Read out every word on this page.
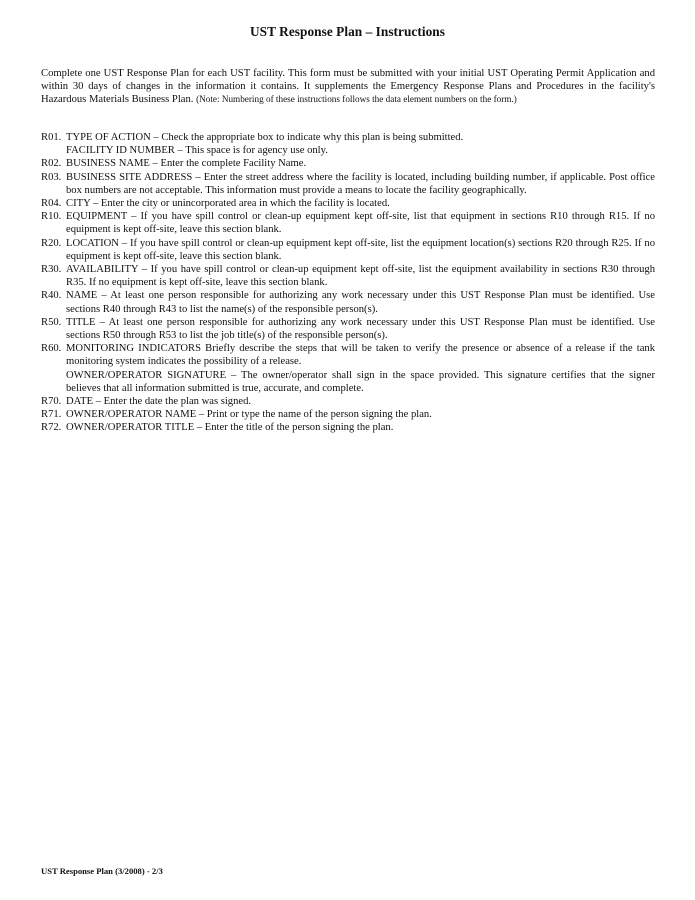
UST Response Plan – Instructions
Complete one UST Response Plan for each UST facility. This form must be submitted with your initial UST Operating Permit Application and within 30 days of changes in the information it contains. It supplements the Emergency Response Plans and Procedures in the facility's Hazardous Materials Business Plan. (Note: Numbering of these instructions follows the data element numbers on the form.)
R01. TYPE OF ACTION – Check the appropriate box to indicate why this plan is being submitted.
FACILITY ID NUMBER – This space is for agency use only.
R02. BUSINESS NAME – Enter the complete Facility Name.
R03. BUSINESS SITE ADDRESS – Enter the street address where the facility is located, including building number, if applicable. Post office box numbers are not acceptable. This information must provide a means to locate the facility geographically.
R04. CITY – Enter the city or unincorporated area in which the facility is located.
R10. EQUIPMENT – If you have spill control or clean-up equipment kept off-site, list that equipment in sections R10 through R15. If no equipment is kept off-site, leave this section blank.
R20. LOCATION – If you have spill control or clean-up equipment kept off-site, list the equipment location(s) sections R20 through R25. If no equipment is kept off-site, leave this section blank.
R30. AVAILABILITY – If you have spill control or clean-up equipment kept off-site, list the equipment availability in sections R30 through R35. If no equipment is kept off-site, leave this section blank.
R40. NAME – At least one person responsible for authorizing any work necessary under this UST Response Plan must be identified. Use sections R40 through R43 to list the name(s) of the responsible person(s).
R50. TITLE – At least one person responsible for authorizing any work necessary under this UST Response Plan must be identified. Use sections R50 through R53 to list the job title(s) of the responsible person(s).
R60. MONITORING INDICATORS Briefly describe the steps that will be taken to verify the presence or absence of a release if the tank monitoring system indicates the possibility of a release.
OWNER/OPERATOR SIGNATURE – The owner/operator shall sign in the space provided. This signature certifies that the signer believes that all information submitted is true, accurate, and complete.
R70. DATE – Enter the date the plan was signed.
R71. OWNER/OPERATOR NAME – Print or type the name of the person signing the plan.
R72. OWNER/OPERATOR TITLE – Enter the title of the person signing the plan.
UST Response Plan (3/2008) - 2/3
